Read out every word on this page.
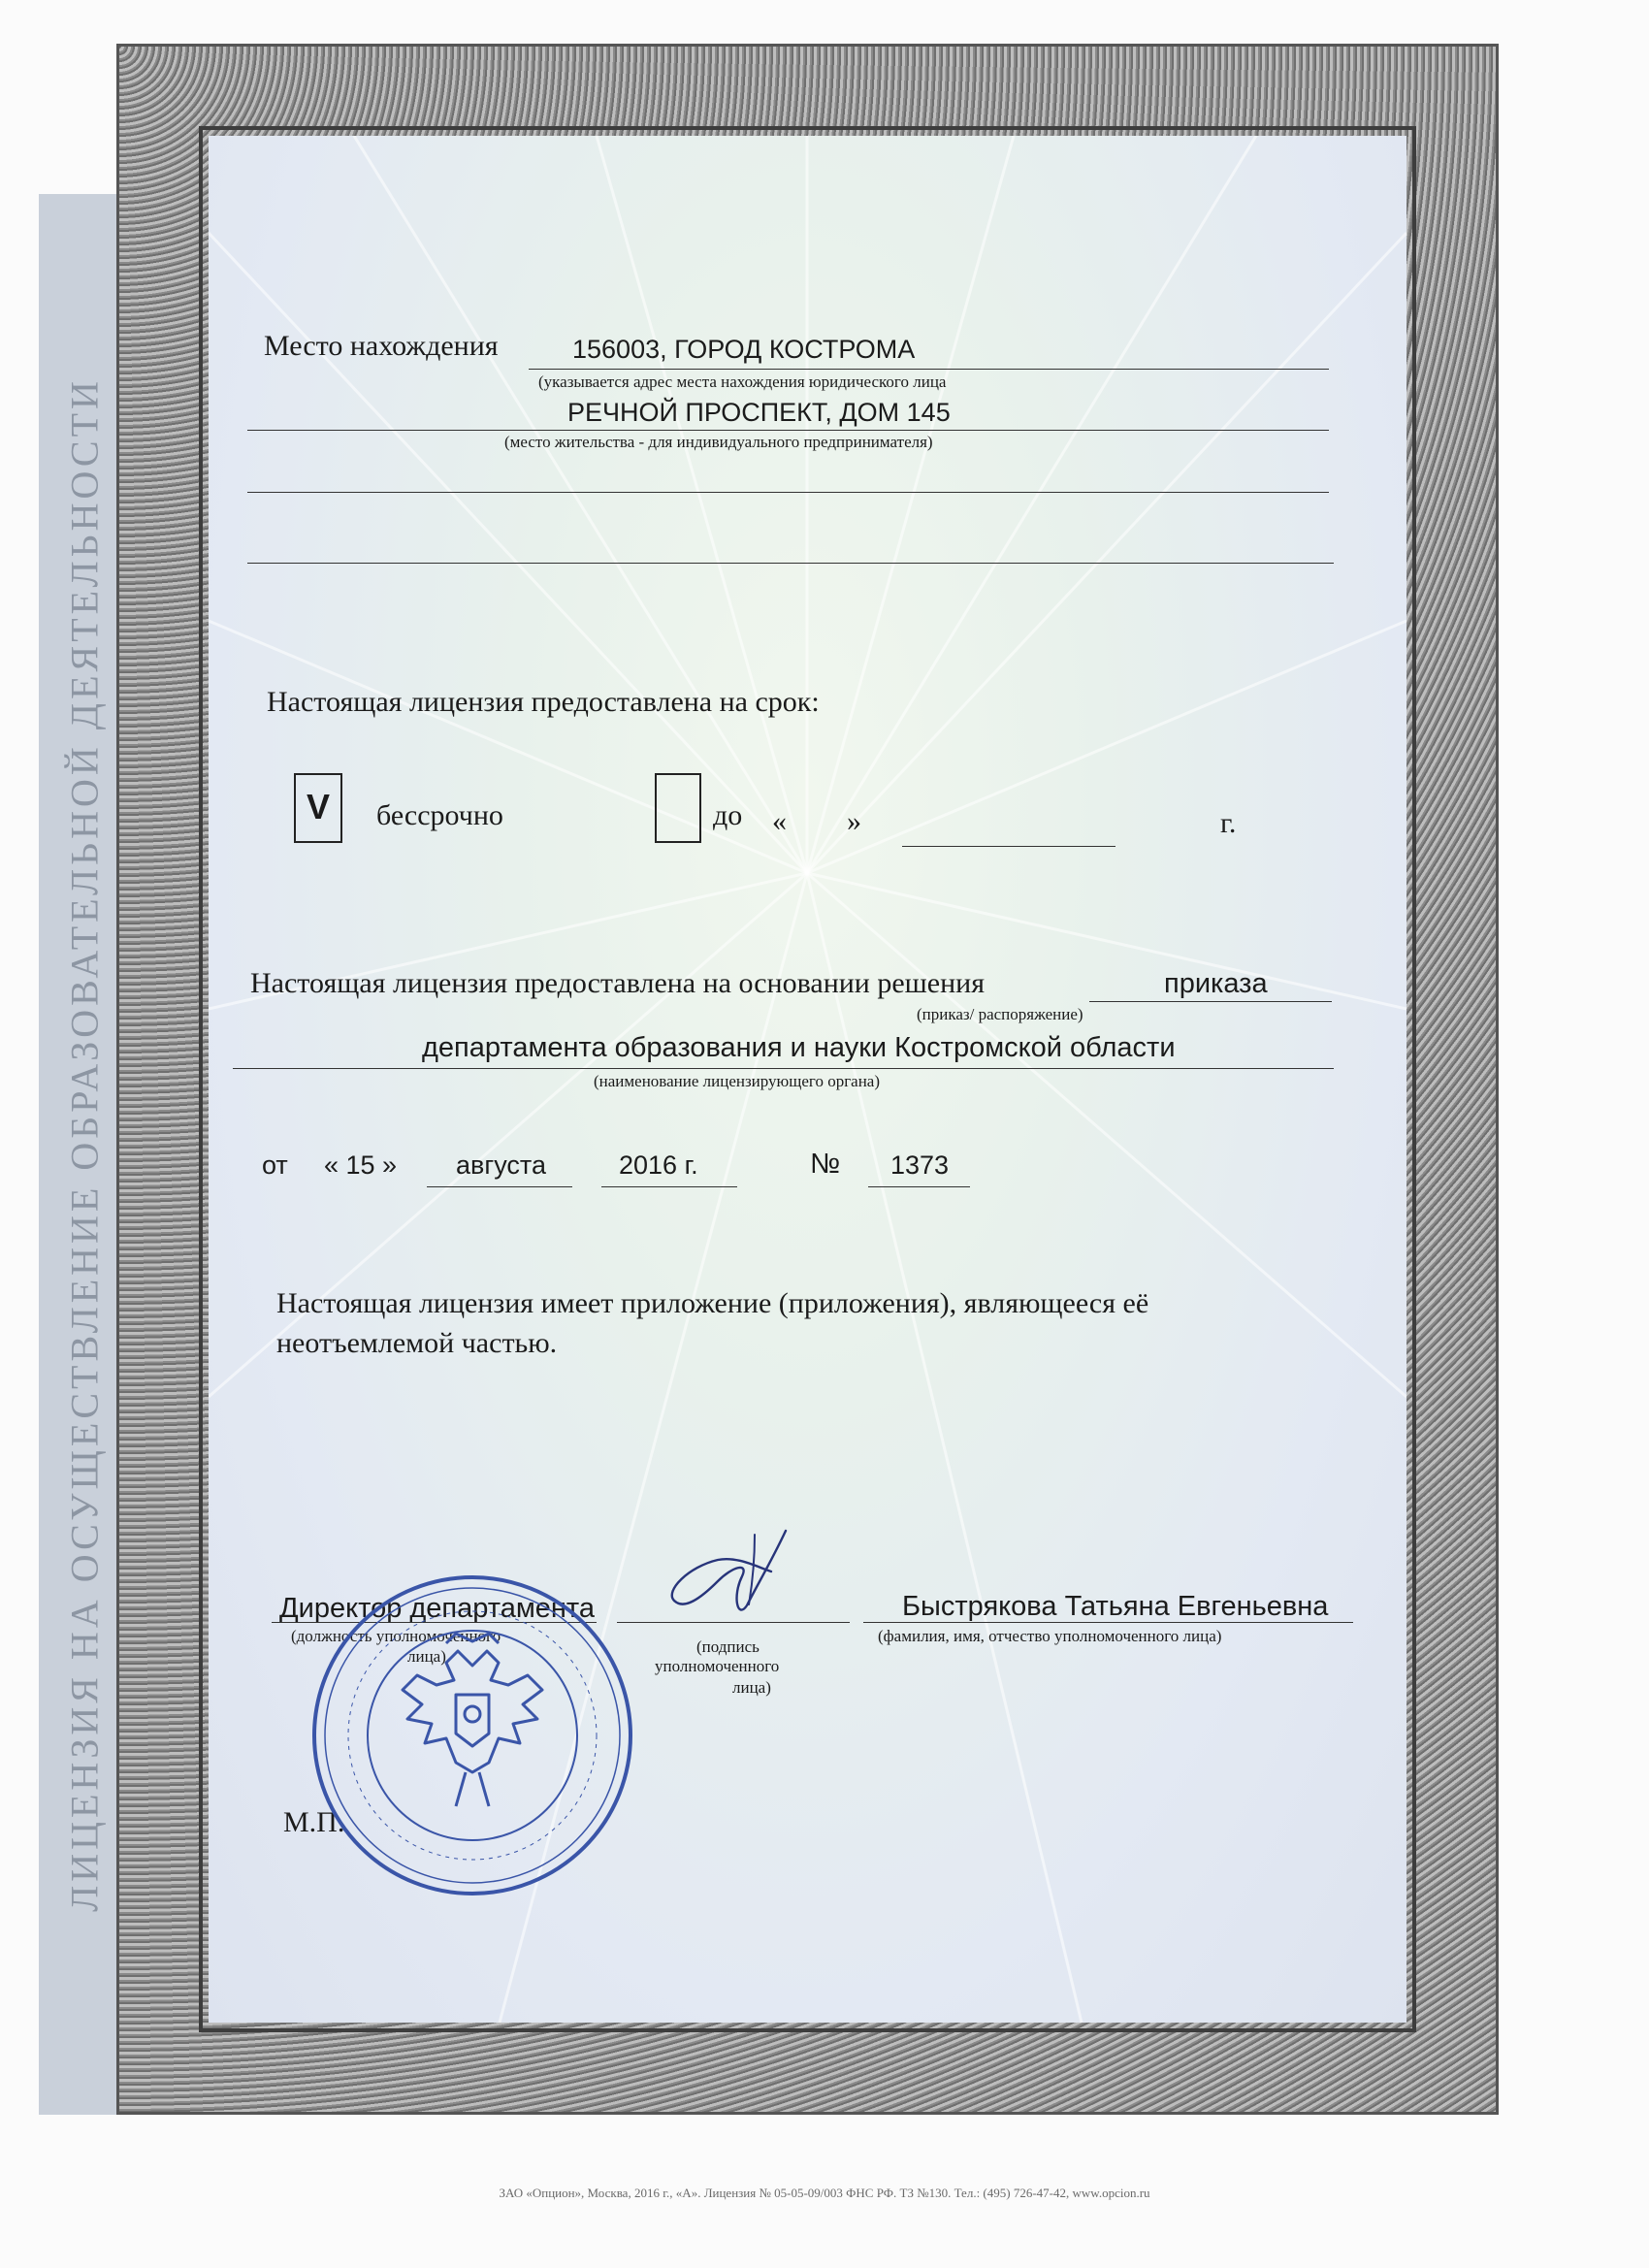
ЛИЦЕНЗИЯ НА ОСУЩЕСТВЛЕНИЕ ОБРАЗОВАТЕЛЬНОЙ ДЕЯТЕЛЬНОСТИ
Место нахождения	156003, ГОРОД КОСТРОМА
(указывается адрес места нахождения юридического лица
РЕЧНОЙ ПРОСПЕКТ, ДОМ 145
(место жительства - для индивидуального предпринимателя)
Настоящая лицензия предоставлена на срок:
V	бессрочно	до « »	г.
Настоящая лицензия предоставлена на основании решения	приказа
(приказ/ распоряжение)
департамента образования и науки Костромской области
(наименование лицензирующего органа)
от « 15 » августа	2016 г.	№ 1373
Настоящая лицензия имеет приложение (приложения), являющееся её
неотъемлемой частью.
Директор департамента
(должность уполномоченного
лица)
(подпись
уполномоченного
лица)
Быстрякова Татьяна Евгеньевна
(фамилия, имя, отчество уполномоченного лица)
М.П.
ЗАО «Опцион», Москва, 2016 г., «А». Лицензия № 05-05-09/003 ФНС РФ. ТЗ №130. Тел.: (495) 726-47-42, www.opcion.ru
